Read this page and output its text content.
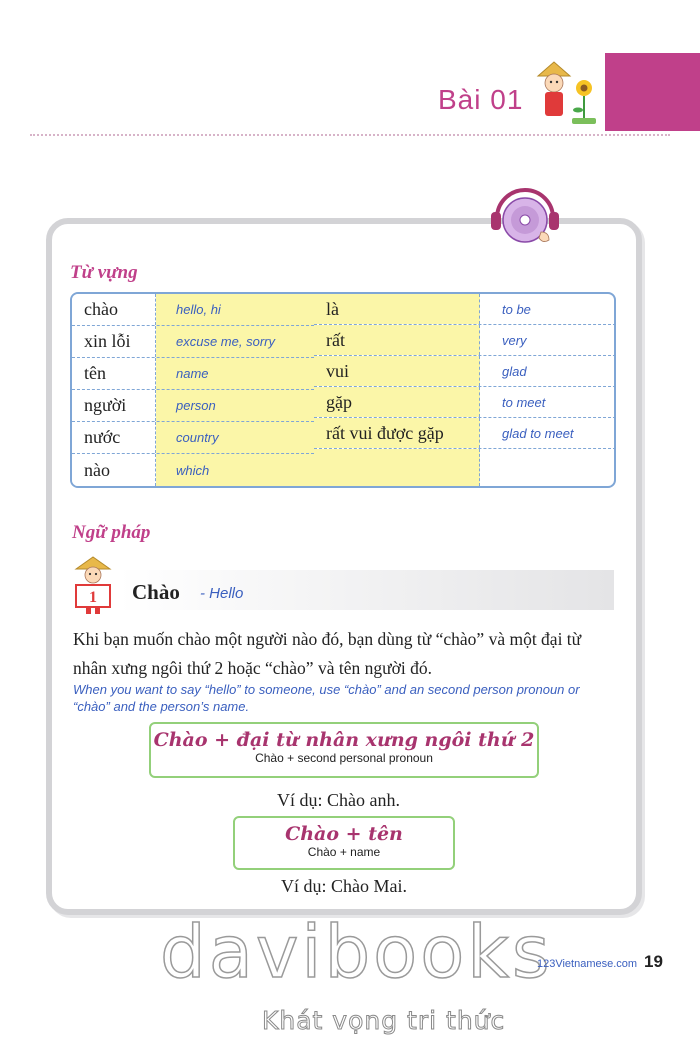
Bài 01
Từ vựng
chào	hello, hi
xin lỗi	excuse me, sorry
tên	name
người	person
nước	country
nào	which
là	to be
rất	very
vui	glad
gặp	to meet
rất vui được gặp	glad to meet
Ngữ pháp
1 Chào - Hello
Khi bạn muốn chào một người nào đó, bạn dùng từ “chào” và một đại từ nhân xưng ngôi thứ 2 hoặc “chào” và tên người đó.
When you want to say “hello” to someone, use “chào” and an second person pronoun or “chào” and the person’s name.
Chào + đại từ nhân xưng ngôi thứ 2
Chào + second personal pronoun
Ví dụ: Chào anh.
Chào + tên
Chào + name
Ví dụ: Chào Mai.
davibooks
Khát vọng tri thức
123Vietnamese.com 19
